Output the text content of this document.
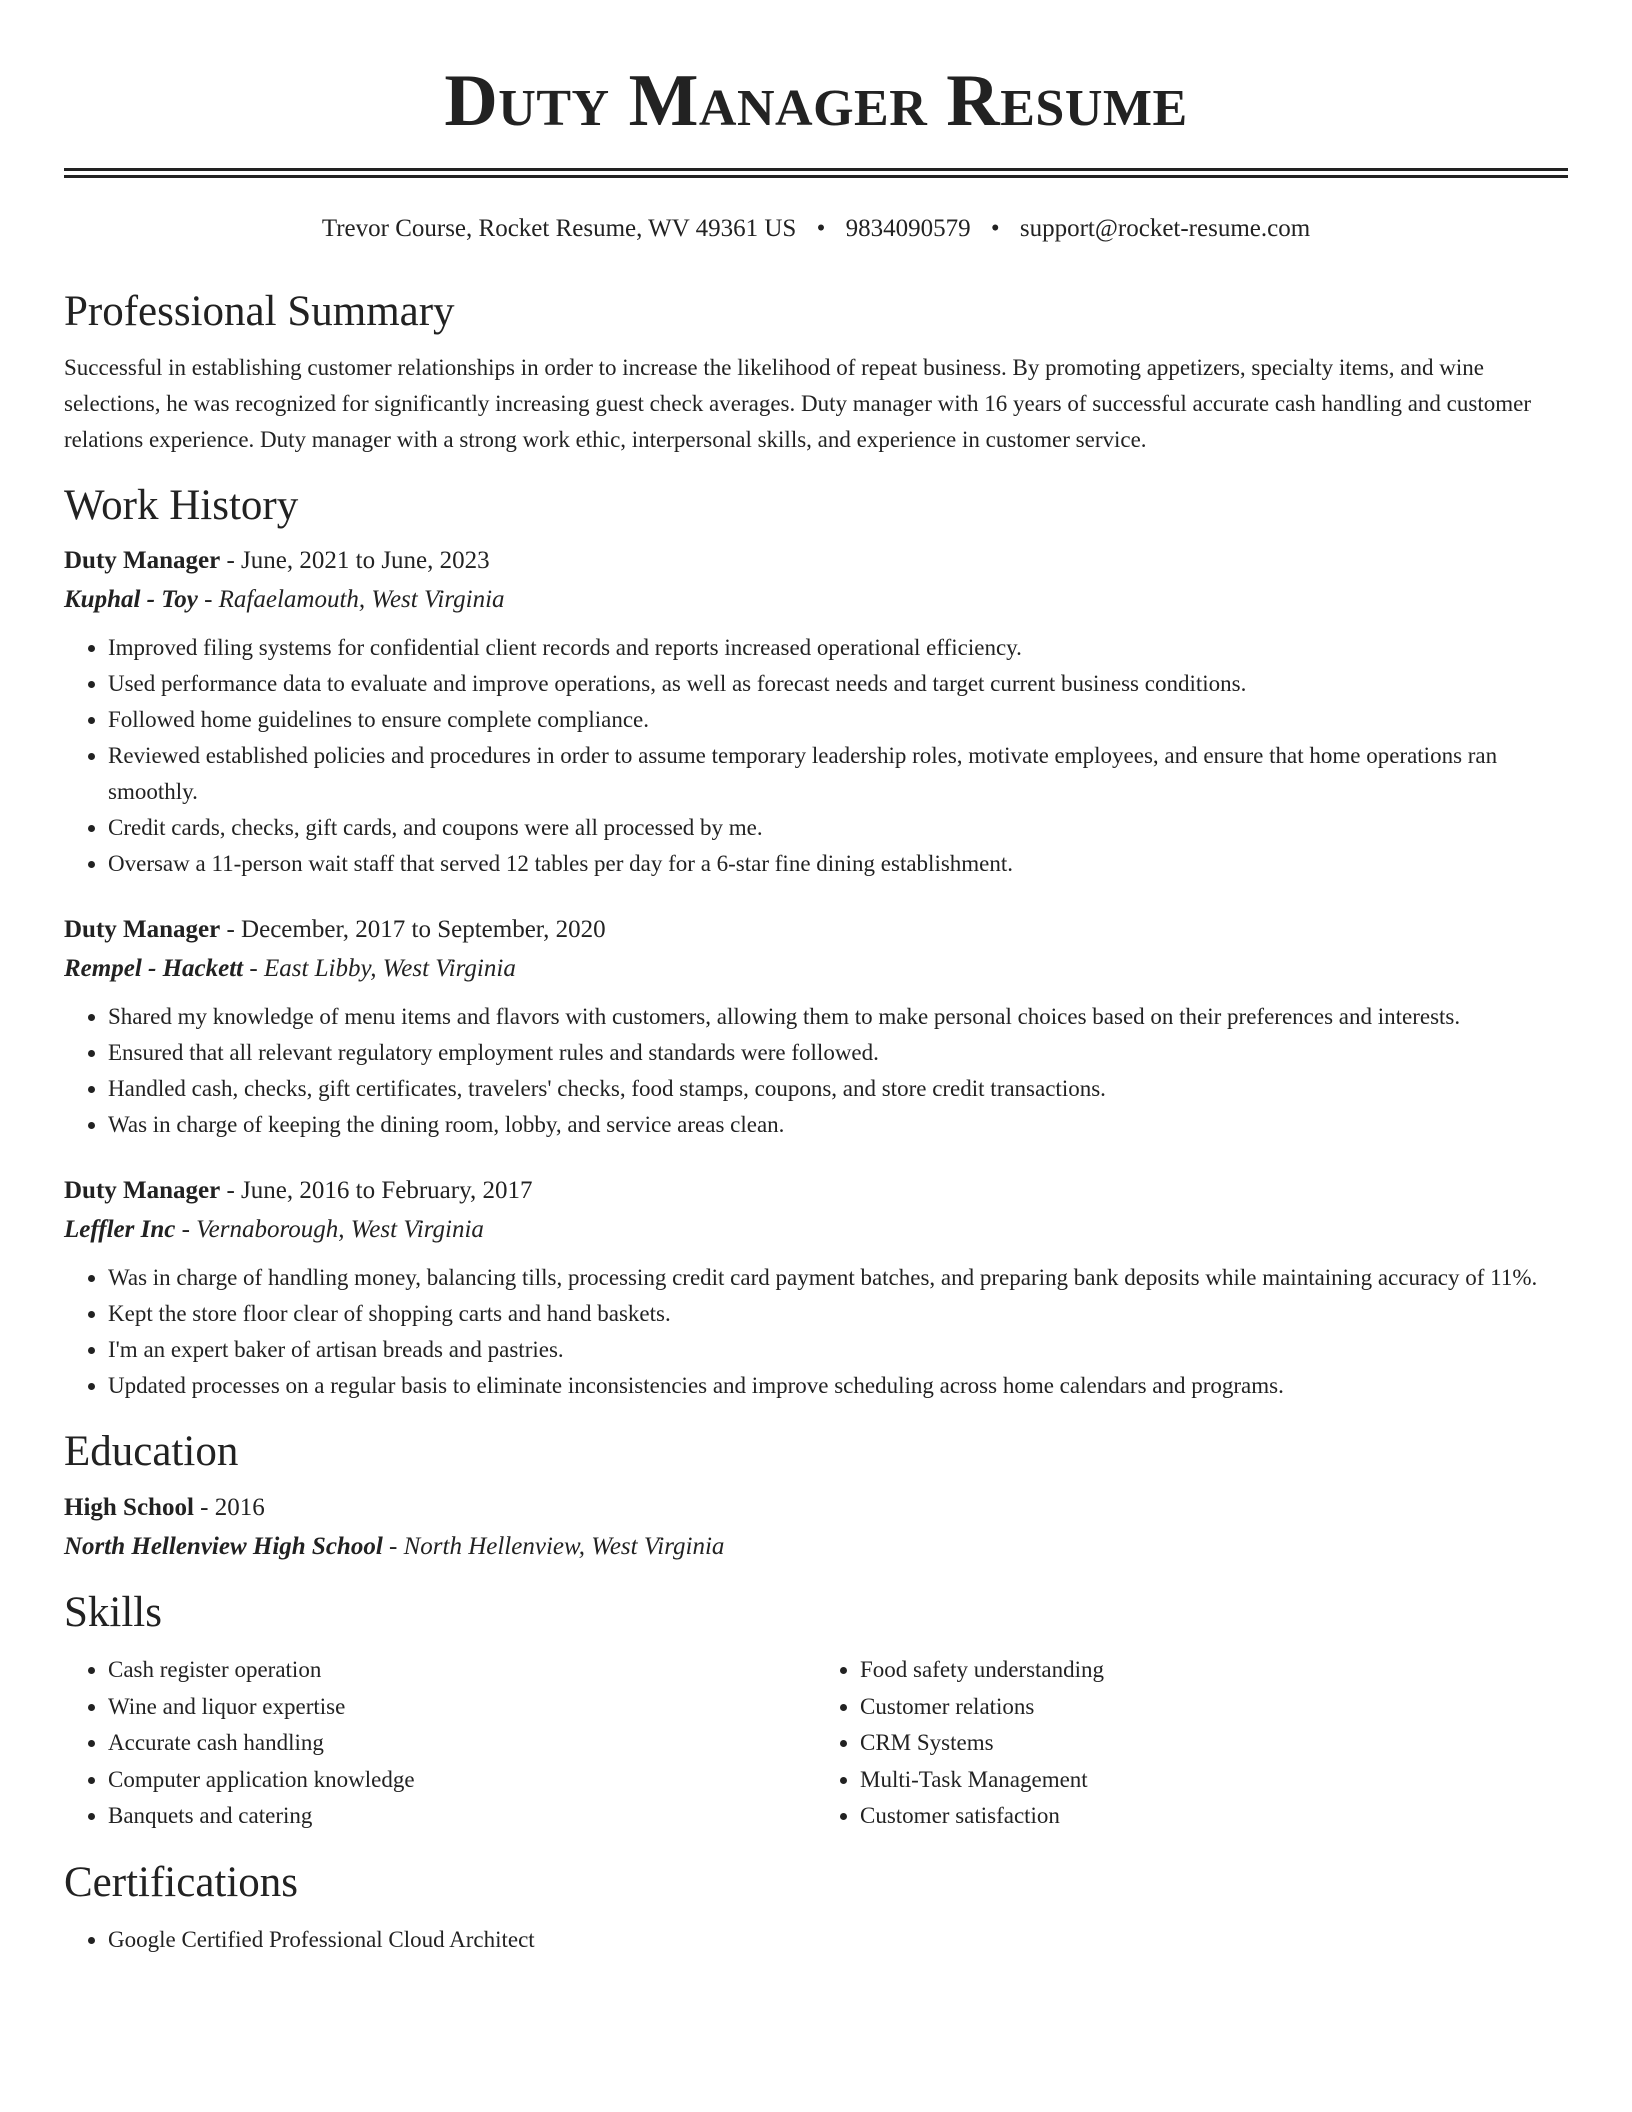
Duty Manager Resume
Trevor Course, Rocket Resume, WV 49361 US • 9834090579 • support@rocket-resume.com
Professional Summary

Successful in establishing customer relationships in order to increase the likelihood of repeat business. By promoting appetizers, specialty items, and wine selections, he was recognized for significantly increasing guest check averages. Duty manager with 16 years of successful accurate cash handling and customer relations experience. Duty manager with a strong work ethic, interpersonal skills, and experience in customer service.

Work History
Duty Manager - June, 2021 to June, 2023
Kuphal - Toy - Rafaelamouth, West Virginia
• Improved filing systems for confidential client records and reports increased operational efficiency.
• Used performance data to evaluate and improve operations, as well as forecast needs and target current business conditions.
• Followed home guidelines to ensure complete compliance.
• Reviewed established policies and procedures in order to assume temporary leadership roles, motivate employees, and ensure that home operations ran smoothly.
• Credit cards, checks, gift cards, and coupons were all processed by me.
• Oversaw a 11-person wait staff that served 12 tables per day for a 6-star fine dining establishment.
Duty Manager - December, 2017 to September, 2020
Rempel - Hackett - East Libby, West Virginia
• Shared my knowledge of menu items and flavors with customers, allowing them to make personal choices based on their preferences and interests.
• Ensured that all relevant regulatory employment rules and standards were followed.
• Handled cash, checks, gift certificates, travelers' checks, food stamps, coupons, and store credit transactions.
• Was in charge of keeping the dining room, lobby, and service areas clean.
Duty Manager - June, 2016 to February, 2017
Leffler Inc - Vernaborough, West Virginia
• Was in charge of handling money, balancing tills, processing credit card payment batches, and preparing bank deposits while maintaining accuracy of 11%.
• Kept the store floor clear of shopping carts and hand baskets.
• I'm an expert baker of artisan breads and pastries.
• Updated processes on a regular basis to eliminate inconsistencies and improve scheduling across home calendars and programs.
Education
High School - 2016
North Hellenview High School - North Hellenview, West Virginia
Skills
• Cash register operation
• Wine and liquor expertise
• Accurate cash handling
• Computer application knowledge
• Banquets and catering
• Food safety understanding
• Customer relations
• CRM Systems
• Multi-Task Management
• Customer satisfaction
Certifications
• Google Certified Professional Cloud Architect
